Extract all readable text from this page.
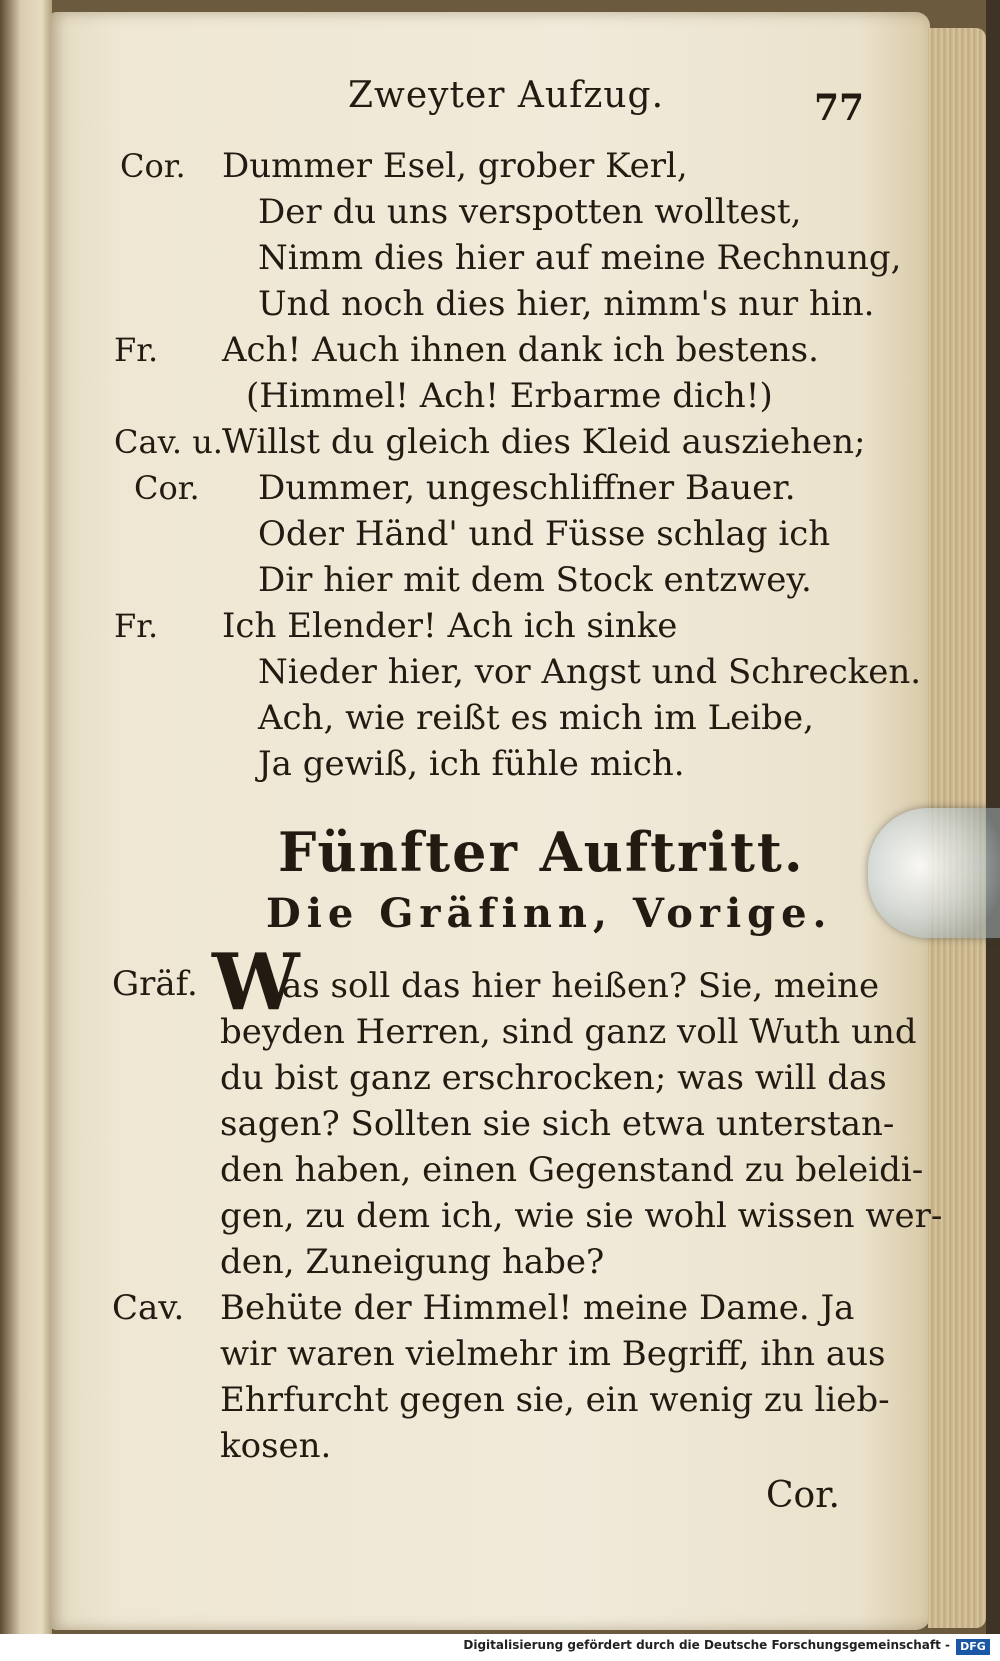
Zweyter Aufzug.	77
Cor. Dummer Esel, grober Kerl,
Der du uns verspotten wolltest,
Nimm dies hier auf meine Rechnung,
Und noch dies hier, nimm's nur hin.
Fr. Ach! Auch ihnen dank ich bestens.
(Himmel! Ach! Erbarme dich!)
Cav. u. Willst du gleich dies Kleid ausziehen;
Cor. Dummer, ungeschliffner Bauer.
Oder Händ' und Füsse schlag ich
Dir hier mit dem Stock entzwey.
Fr. Ich Elender! Ach ich sinke
Nieder hier, vor Angst und Schrecken.
Ach, wie reißt es mich im Leibe,
Ja gewiß, ich fühle mich.
Fünfter Auftritt.
Die Gräfinn, Vorige.
Gräf. W
as soll das hier heißen? Sie, meine
beyden Herren, sind ganz voll Wuth und
du bist ganz erschrocken; was will das
sagen? Sollten sie sich etwa unterstan-
den haben, einen Gegenstand zu beleidi-
gen, zu dem ich, wie sie wohl wissen wer-
den, Zuneigung habe?
Cav. Behüte der Himmel! meine Dame. Ja
wir waren vielmehr im Begriff, ihn aus
Ehrfurcht gegen sie, ein wenig zu lieb-
kosen.
Cor.
Digitalisierung gefördert durch die Deutsche Forschungsgemeinschaft - DFG
